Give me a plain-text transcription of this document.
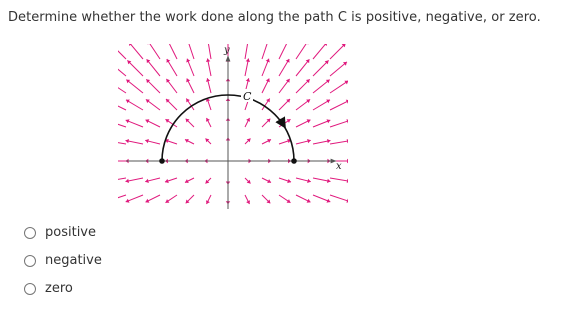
Determine whether the work done along the path C is positive, negative, or zero.
x
y
C
positive
negative
zero
